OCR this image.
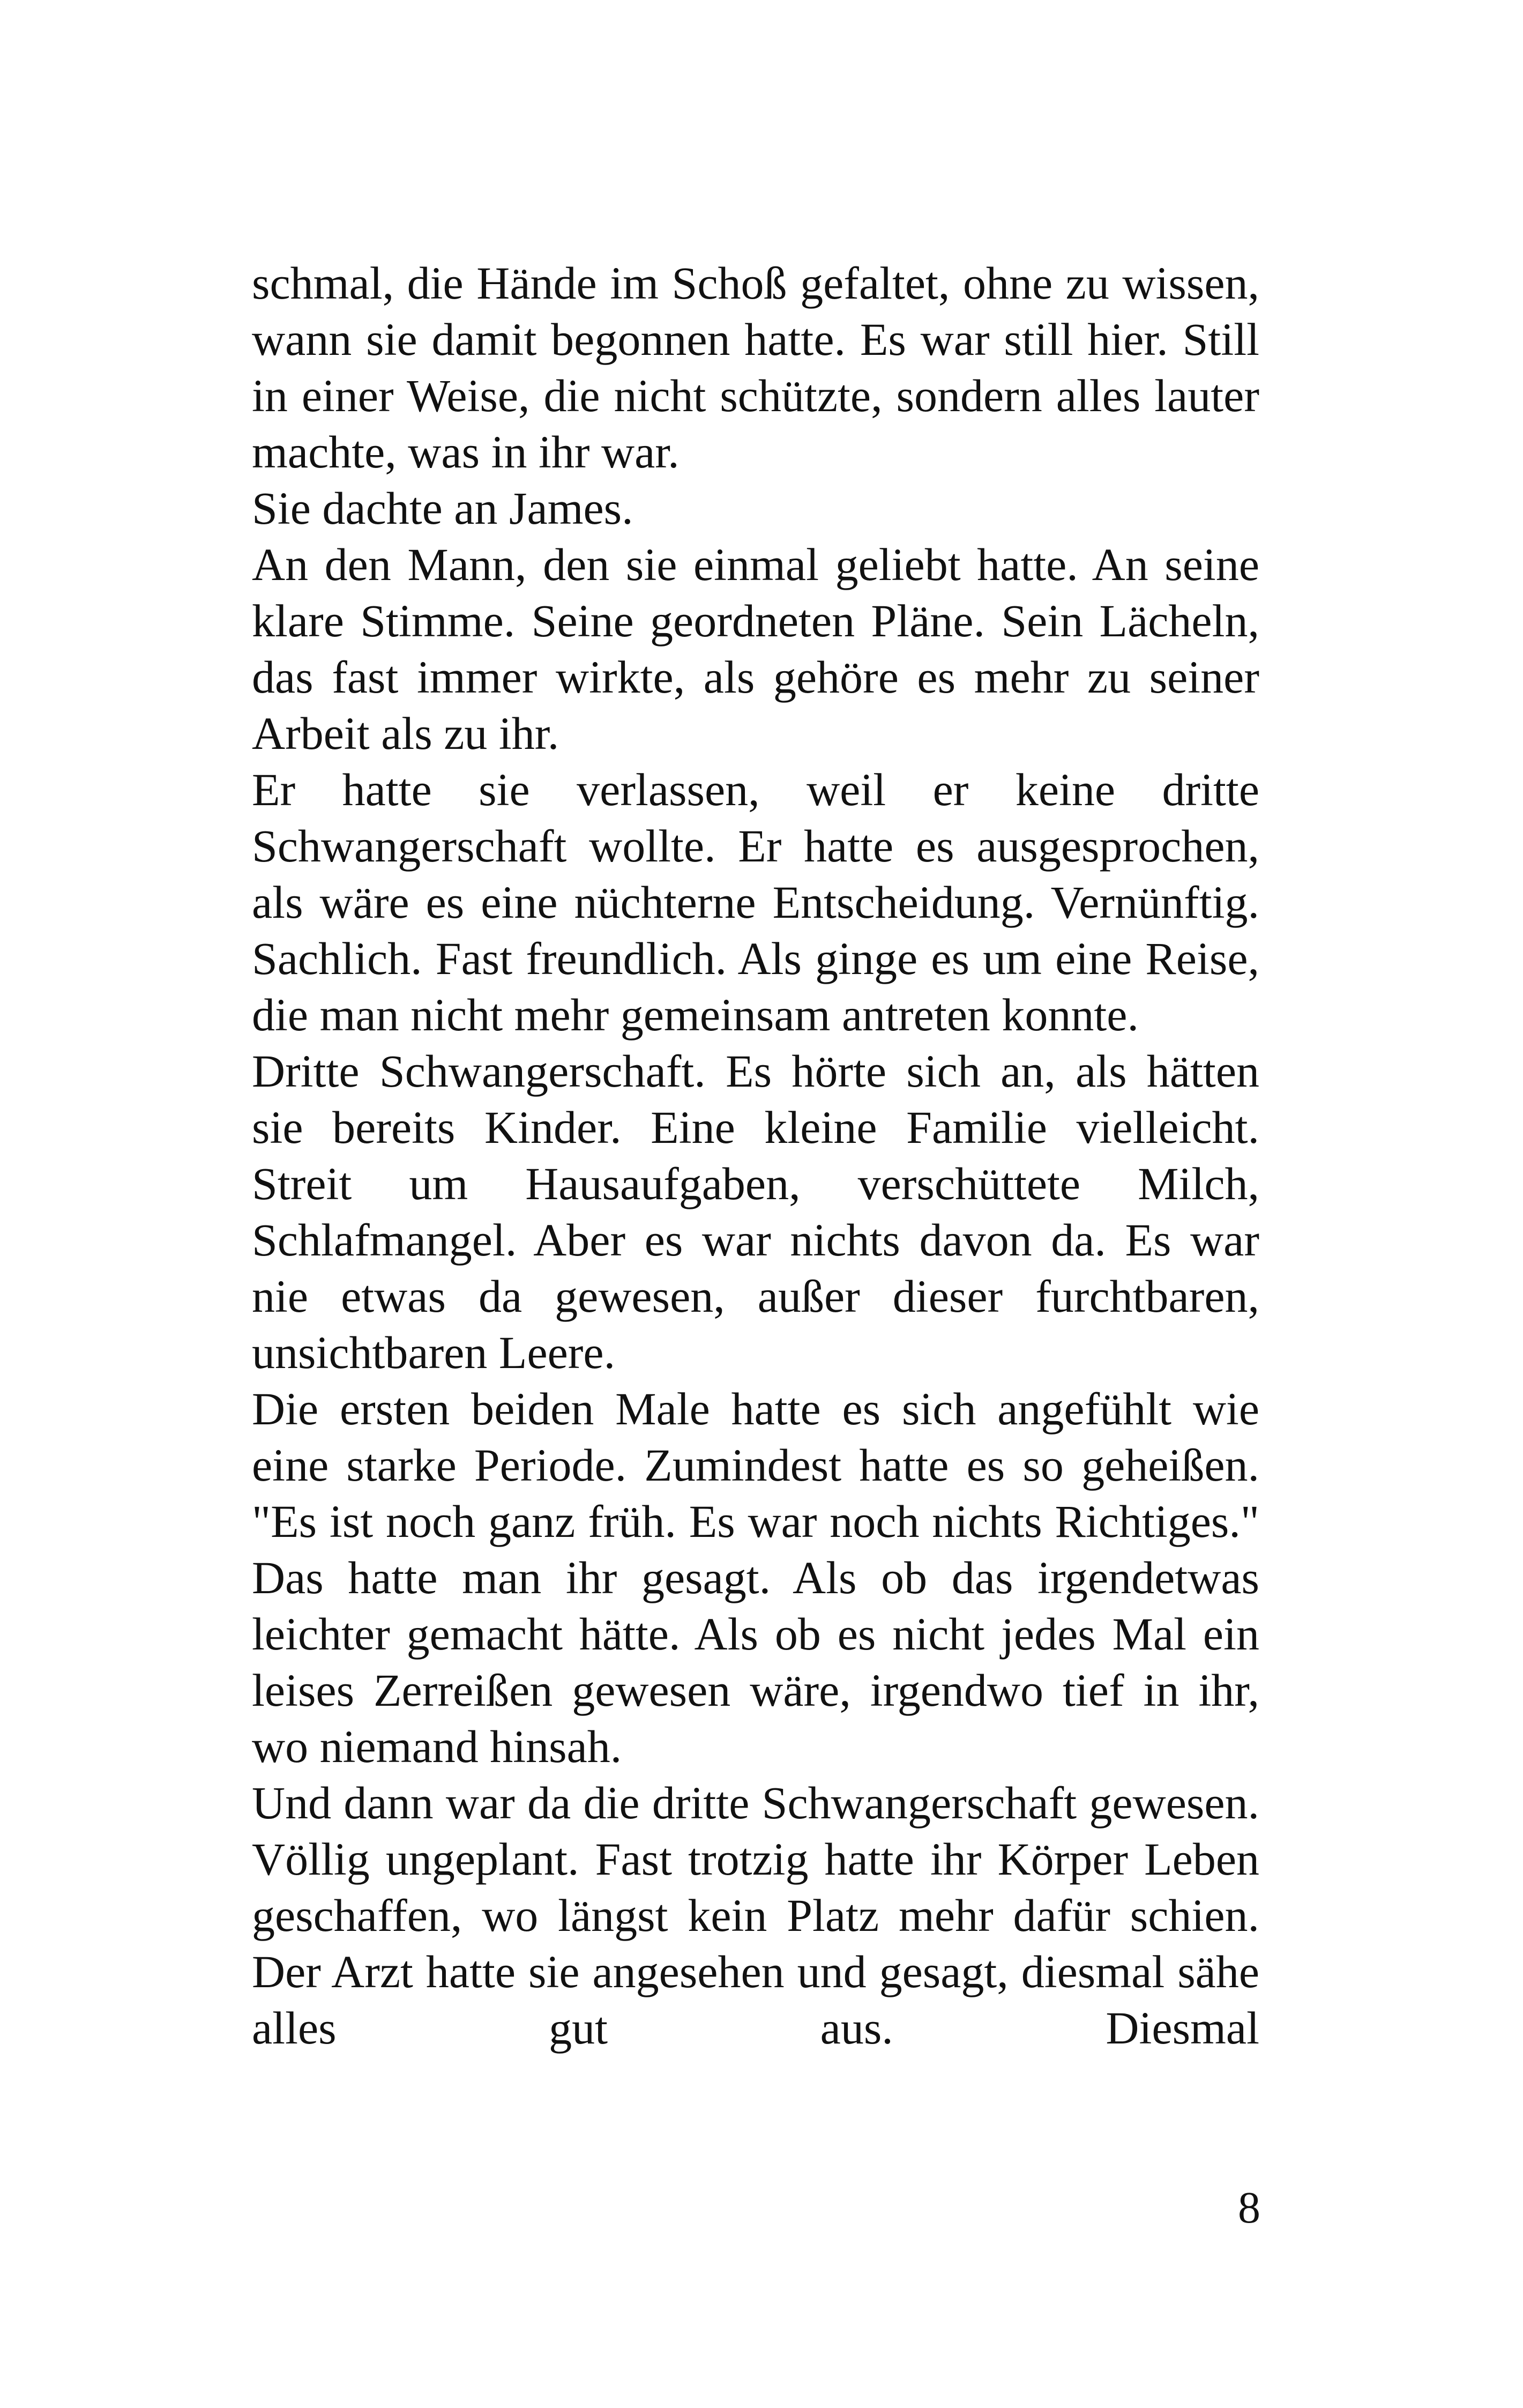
schmal, die Hände im Schoß gefaltet, ohne zu wissen, wann sie damit begonnen hatte. Es war still hier. Still in einer Weise, die nicht schützte, sondern alles lauter machte, was in ihr war.

Sie dachte an James.

An den Mann, den sie einmal geliebt hatte. An seine klare Stimme. Seine geordneten Pläne. Sein Lächeln, das fast immer wirkte, als gehöre es mehr zu seiner Arbeit als zu ihr.

Er hatte sie verlassen, weil er keine dritte Schwangerschaft wollte. Er hatte es ausgesprochen, als wäre es eine nüchterne Entscheidung. Vernünftig. Sachlich. Fast freundlich. Als ginge es um eine Reise, die man nicht mehr gemeinsam antreten konnte.

Dritte Schwangerschaft. Es hörte sich an, als hätten sie bereits Kinder. Eine kleine Familie vielleicht. Streit um Hausaufgaben, verschüttete Milch, Schlafmangel. Aber es war nichts davon da. Es war nie etwas da gewesen, außer dieser furchtbaren, unsichtbaren Leere.

Die ersten beiden Male hatte es sich angefühlt wie eine starke Periode. Zumindest hatte es so geheißen. "Es ist noch ganz früh. Es war noch nichts Richtiges." Das hatte man ihr gesagt. Als ob das irgendetwas leichter gemacht hätte. Als ob es nicht jedes Mal ein leises Zerreißen gewesen wäre, irgendwo tief in ihr, wo niemand hinsah.

Und dann war da die dritte Schwangerschaft gewesen. Völlig ungeplant. Fast trotzig hatte ihr Körper Leben geschaffen, wo längst kein Platz mehr dafür schien. Der Arzt hatte sie angesehen und gesagt, diesmal sähe alles gut aus. Diesmal

8
